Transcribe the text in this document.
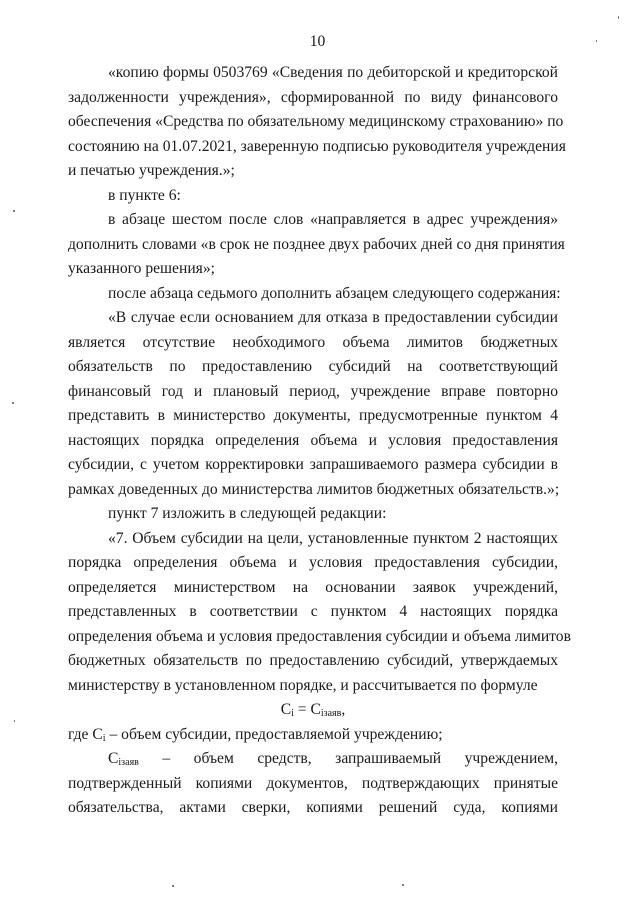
10
«копию формы 0503769 «Сведения по дебиторской и кредиторской
задолженности учреждения», сформированной по виду финансового
обеспечения «Средства по обязательному медицинскому страхованию» по
состоянию на 01.07.2021, заверенную подписью руководителя учреждения
и печатью учреждения.»;
в пункте 6:
в абзаце шестом после слов «направляется в адрес учреждения»
дополнить словами «в срок не позднее двух рабочих дней со дня принятия
указанного решения»;
после абзаца седьмого дополнить абзацем следующего содержания:
«В случае если основанием для отказа в предоставлении субсидии
является отсутствие необходимого объема лимитов бюджетных
обязательств по предоставлению субсидий на соответствующий
финансовый год и плановый период, учреждение вправе повторно
представить в министерство документы, предусмотренные пунктом 4
настоящих порядка определения объема и условия предоставления
субсидии, с учетом корректировки запрашиваемого размера субсидии в
рамках доведенных до министерства лимитов бюджетных обязательств.»;
пункт 7 изложить в следующей редакции:
«7. Объем субсидии на цели, установленные пунктом 2 настоящих
порядка определения объема и условия предоставления субсидии,
определяется министерством на основании заявок учреждений,
представленных в соответствии с пунктом 4 настоящих порядка
определения объема и условия предоставления субсидии и объема лимитов
бюджетных обязательств по предоставлению субсидий, утверждаемых
министерству в установленном порядке, и рассчитывается по формуле
$C_i = C_{iзаяв}$,
где $C_i$ – объем субсидии, предоставляемой учреждению;
$C_{iзаяв}$ – объем средств, запрашиваемый учреждением,
подтвержденный копиями документов, подтверждающих принятые
обязательства, актами сверки, копиями решений суда, копиями
